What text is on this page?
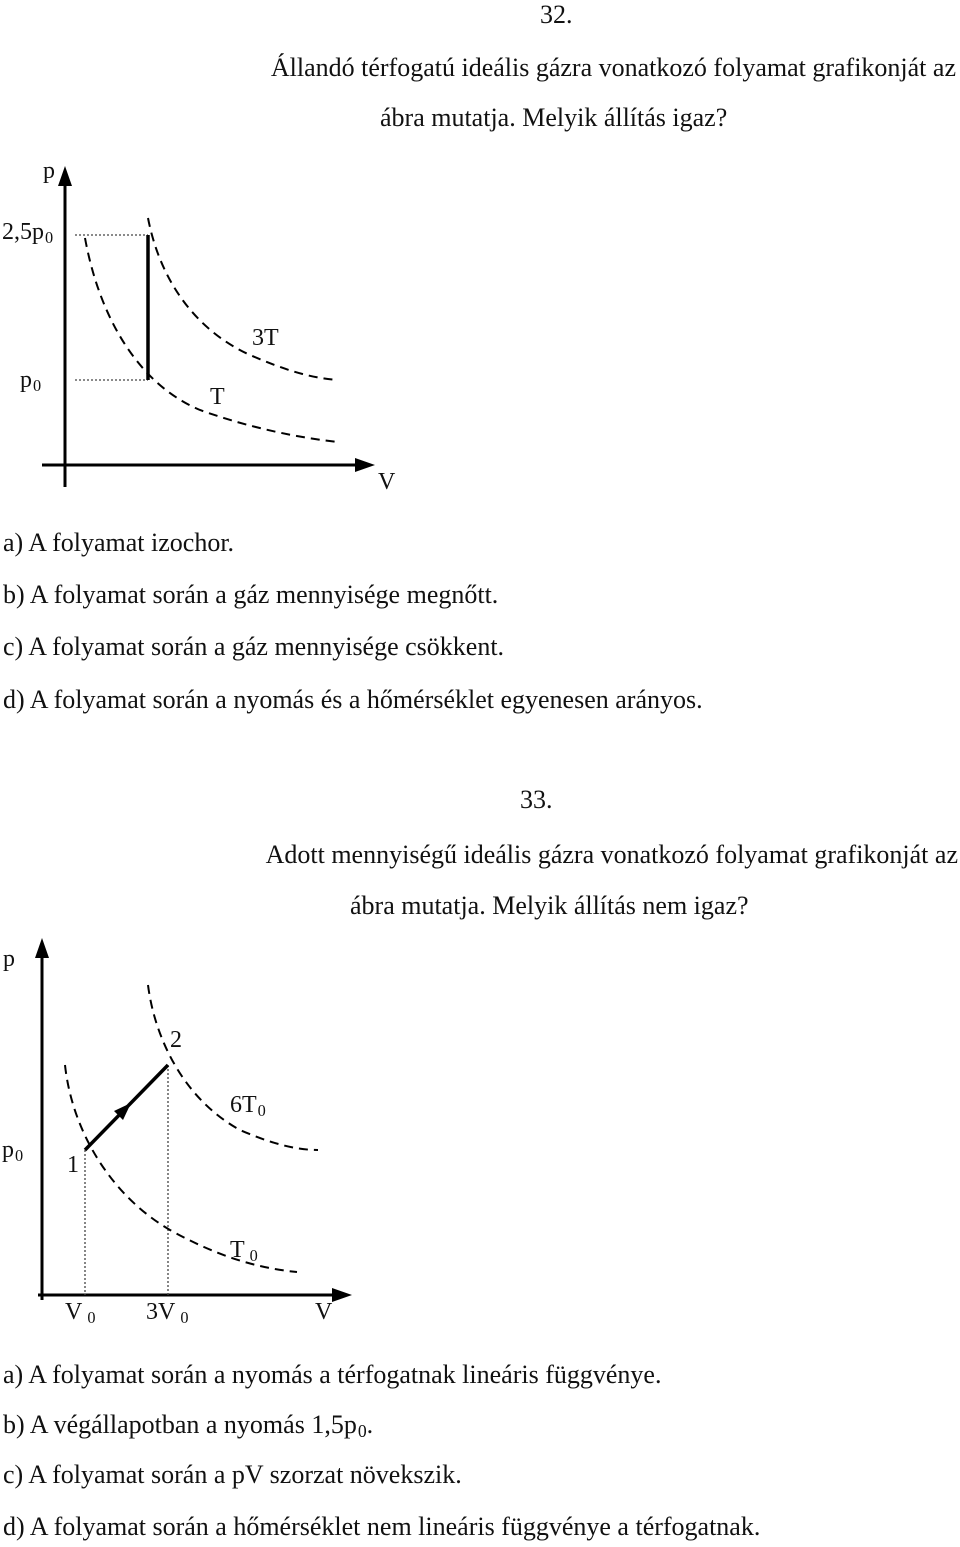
32.
Állandó térfogatú ideális gázra vonatkozó folyamat grafikonját az
ábra mutatja. Melyik állítás igaz?
p
2,5p0
p0
3T
T
V
a) A folyamat izochor.
b) A folyamat során a gáz mennyisége megnőtt.
c) A folyamat során a gáz mennyisége csökkent.
d) A folyamat során a nyomás és a hőmérséklet egyenesen arányos.
33.
Adott mennyiségű ideális gázra vonatkozó folyamat grafikonját az
ábra mutatja. Melyik állítás nem igaz?
p
p0 1
2
6T0
T 0
V 0 3V 0	V
a) A folyamat során a nyomás a térfogatnak lineáris függvénye.
b) A végállapotban a nyomás 1,5p0.
c) A folyamat során a pV szorzat növekszik.
d) A folyamat során a hőmérséklet nem lineáris függvénye a térfogatnak.
